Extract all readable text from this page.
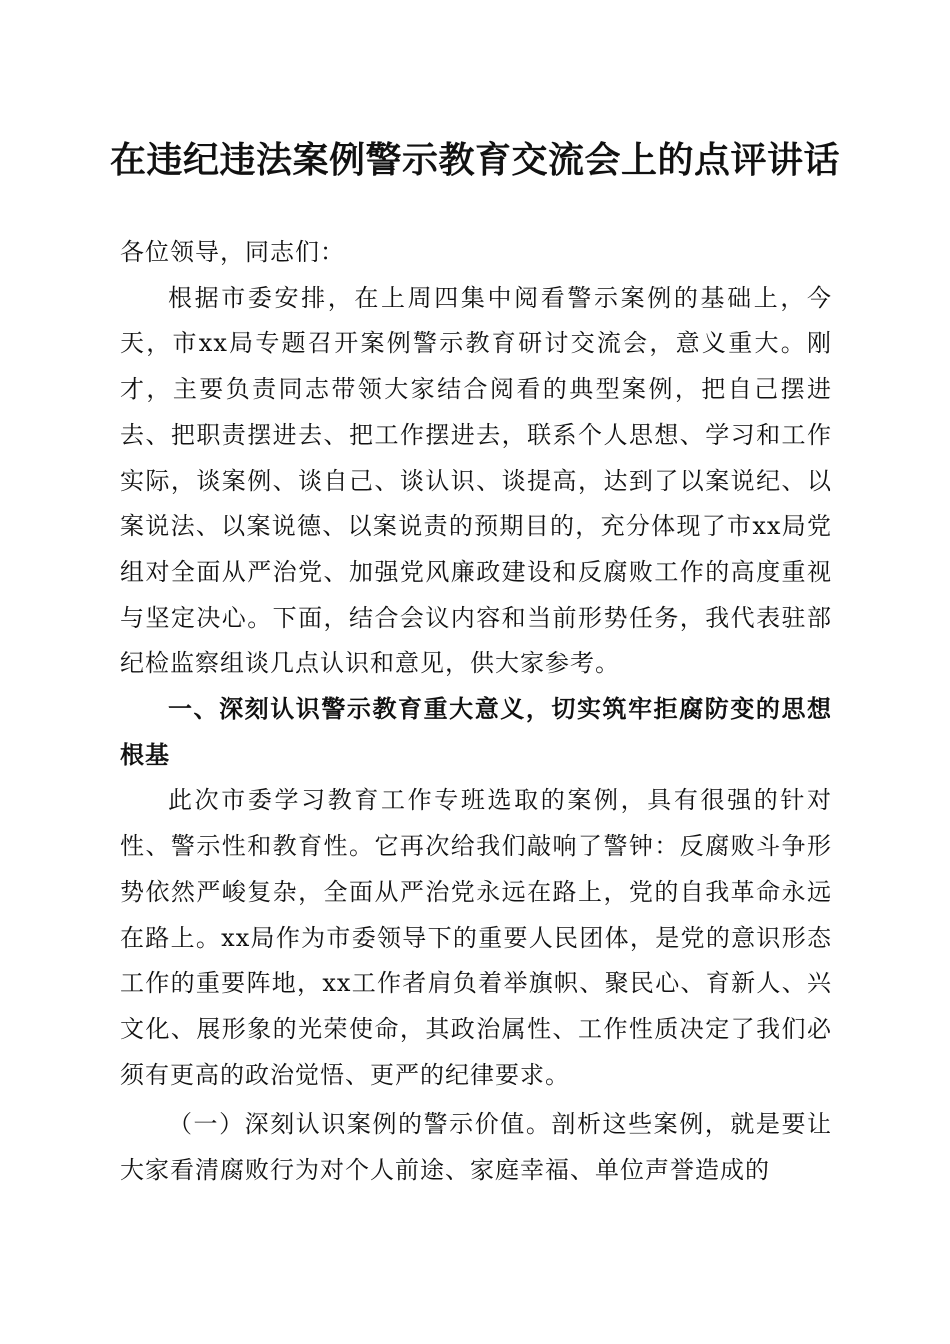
在违纪违法案例警示教育交流会上的点评讲话

各位领导，同志们：

根据市委安排，在上周四集中阅看警示案例的基础上，今天，市xx局专题召开案例警示教育研讨交流会，意义重大。刚才，主要负责同志带领大家结合阅看的典型案例，把自己摆进去、把职责摆进去、把工作摆进去，联系个人思想、学习和工作实际，谈案例、谈自己、谈认识、谈提高，达到了以案说纪、以案说法、以案说德、以案说责的预期目的，充分体现了市xx局党组对全面从严治党、加强党风廉政建设和反腐败工作的高度重视与坚定决心。下面，结合会议内容和当前形势任务，我代表驻部纪检监察组谈几点认识和意见，供大家参考。

一、深刻认识警示教育重大意义，切实筑牢拒腐防变的思想根基

此次市委学习教育工作专班选取的案例，具有很强的针对性、警示性和教育性。它再次给我们敲响了警钟：反腐败斗争形势依然严峻复杂，全面从严治党永远在路上，党的自我革命永远在路上。xx局作为市委领导下的重要人民团体，是党的意识形态工作的重要阵地，xx工作者肩负着举旗帜、聚民心、育新人、兴文化、展形象的光荣使命，其政治属性、工作性质决定了我们必须有更高的政治觉悟、更严的纪律要求。

（一）深刻认识案例的警示价值。剖析这些案例，就是要让大家看清腐败行为对个人前途、家庭幸福、单位声誉造成的
